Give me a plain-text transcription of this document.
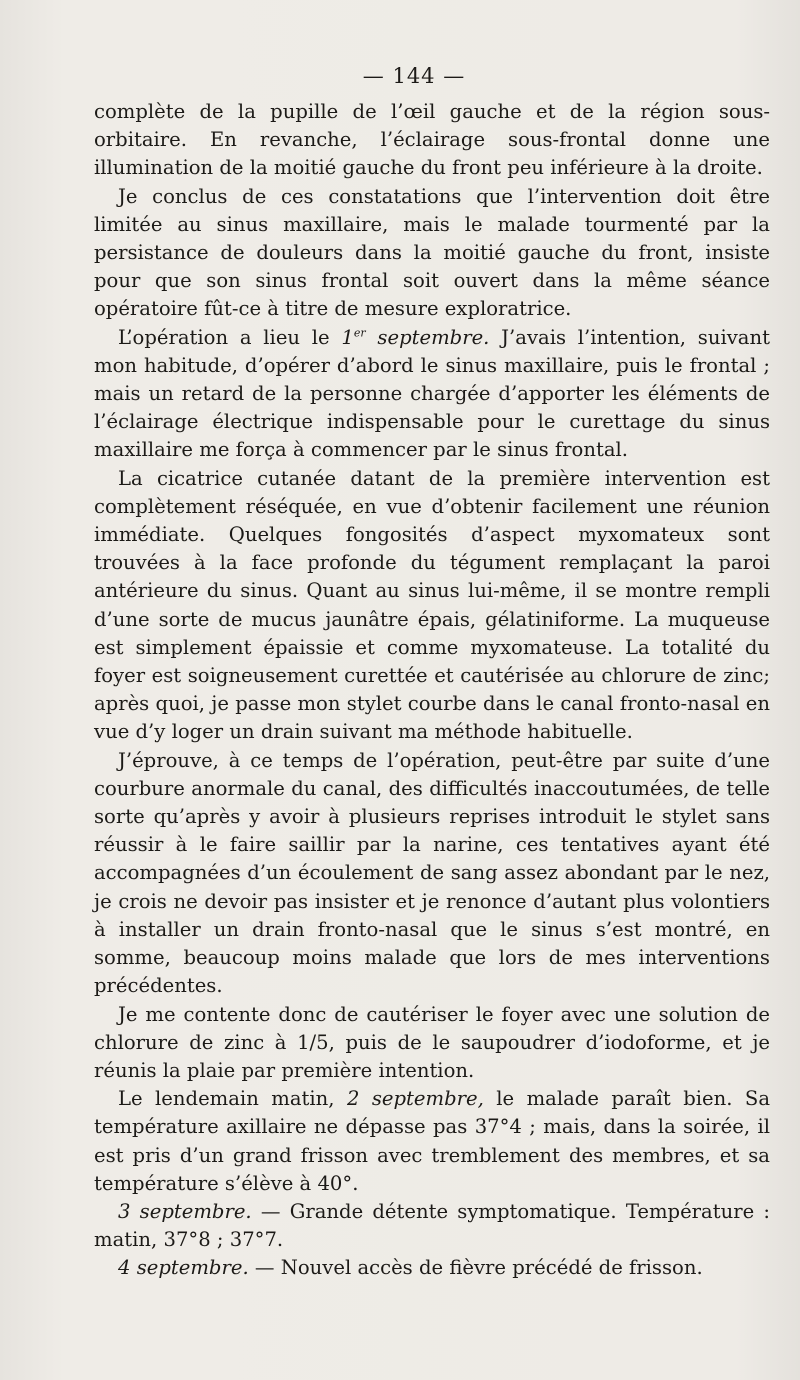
— 144 —

complète de la pupille de l’œil gauche et de la région sous-orbitaire. En revanche, l’éclairage sous-frontal donne une illumination de la moitié gauche du front peu inférieure à la droite.

Je conclus de ces constatations que l’intervention doit être limitée au sinus maxillaire, mais le malade tourmenté par la persistance de douleurs dans la moitié gauche du front, insiste pour que son sinus frontal soit ouvert dans la même séance opératoire fût-ce à titre de mesure exploratrice.

L’opération a lieu le 1er septembre. J’avais l’intention, suivant mon habitude, d’opérer d’abord le sinus maxillaire, puis le frontal ; mais un retard de la personne chargée d’apporter les éléments de l’éclairage électrique indispensable pour le curettage du sinus maxillaire me força à commencer par le sinus frontal.

La cicatrice cutanée datant de la première intervention est complètement réséquée, en vue d’obtenir facilement une réunion immédiate. Quelques fongosités d’aspect myxomateux sont trouvées à la face profonde du tégument remplaçant la paroi antérieure du sinus. Quant au sinus lui-même, il se montre rempli d’une sorte de mucus jaunâtre épais, gélatiniforme. La muqueuse est simplement épaissie et comme myxomateuse. La totalité du foyer est soigneusement curettée et cautérisée au chlorure de zinc; après quoi, je passe mon stylet courbe dans le canal fronto-nasal en vue d’y loger un drain suivant ma méthode habituelle.

J’éprouve, à ce temps de l’opération, peut-être par suite d’une courbure anormale du canal, des difficultés inaccoutumées, de telle sorte qu’après y avoir à plusieurs reprises introduit le stylet sans réussir à le faire saillir par la narine, ces tentatives ayant été accompagnées d’un écoulement de sang assez abondant par le nez, je crois ne devoir pas insister et je renonce d’autant plus volontiers à installer un drain fronto-nasal que le sinus s’est montré, en somme, beaucoup moins malade que lors de mes interventions précédentes.

Je me contente donc de cautériser le foyer avec une solution de chlorure de zinc à 1/5, puis de le saupoudrer d’iodoforme, et je réunis la plaie par première intention.

Le lendemain matin, 2 septembre, le malade paraît bien. Sa température axillaire ne dépasse pas 37°4 ; mais, dans la soirée, il est pris d’un grand frisson avec tremblement des membres, et sa température s’élève à 40°.

3 septembre. — Grande détente symptomatique. Température : matin, 37°8 ; 37°7.

4 septembre. — Nouvel accès de fièvre précédé de frisson.
